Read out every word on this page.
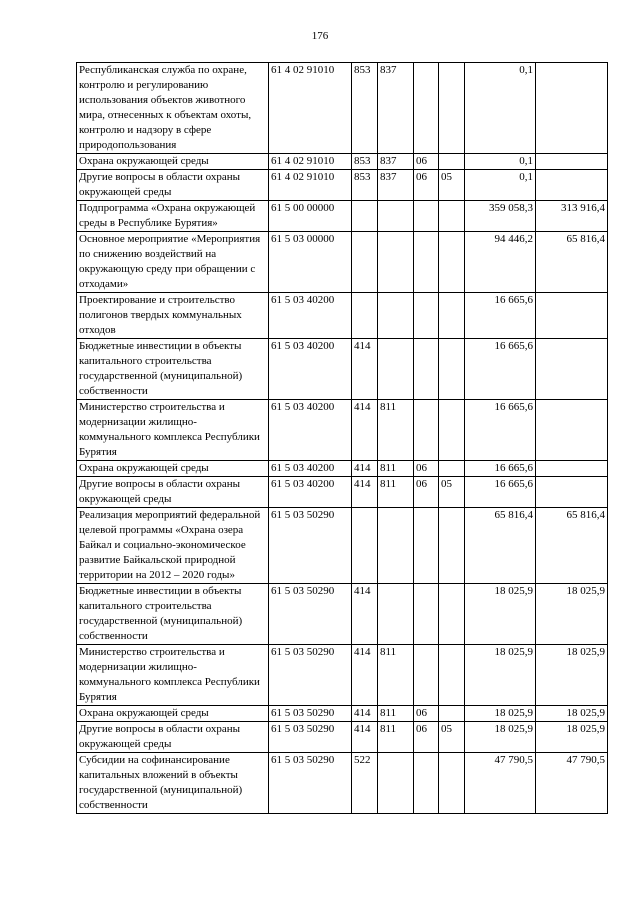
176
Республиканская служба по охране, контролю и регулированию использования объектов животного мира, отнесенных к объектам охоты, контролю и надзору в сфере природопользования	61 4 02 91010	853	837			0,1	
Охрана окружающей среды	61 4 02 91010	853	837	06		0,1	
Другие вопросы в области охраны окружающей среды	61 4 02 91010	853	837	06	05	0,1	
Подпрограмма «Охрана окружающей среды в Республике Бурятия»	61 5 00 00000					359 058,3	313 916,4
Основное мероприятие «Мероприятия по снижению воздействий на окружающую среду при обращении с отходами»	61 5 03 00000					94 446,2	65 816,4
Проектирование и строительство полигонов твердых коммунальных отходов	61 5 03 40200					16 665,6	
Бюджетные инвестиции в объекты капитального строительства государственной (муниципальной) собственности	61 5 03 40200	414				16 665,6	
Министерство строительства и модернизации жилищно-коммунального комплекса Республики Бурятия	61 5 03 40200	414	811			16 665,6	
Охрана окружающей среды	61 5 03 40200	414	811	06		16 665,6	
Другие вопросы в области охраны окружающей среды	61 5 03 40200	414	811	06	05	16 665,6	
Реализация мероприятий федеральной целевой программы «Охрана озера Байкал и социально-экономическое развитие Байкальской природной территории на 2012 – 2020 годы»	61 5 03 50290					65 816,4	65 816,4
Бюджетные инвестиции в объекты капитального строительства государственной (муниципальной) собственности	61 5 03 50290	414				18 025,9	18 025,9
Министерство строительства и модернизации жилищно-коммунального комплекса Республики Бурятия	61 5 03 50290	414	811			18 025,9	18 025,9
Охрана окружающей среды	61 5 03 50290	414	811	06		18 025,9	18 025,9
Другие вопросы в области охраны окружающей среды	61 5 03 50290	414	811	06	05	18 025,9	18 025,9
Субсидии на софинансирование капитальных вложений в объекты государственной (муниципальной) собственности	61 5 03 50290	522				47 790,5	47 790,5
